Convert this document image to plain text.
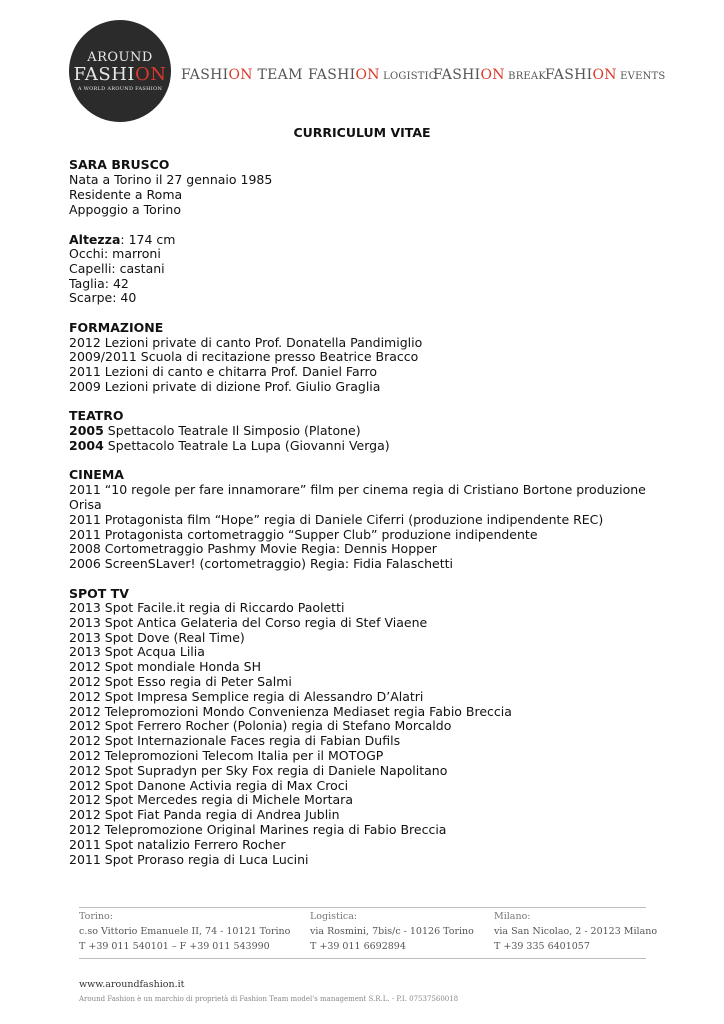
AROUND
FASHION
A WORLD AROUND FASHION
FASHION TEAM FASHION LOGISTIC
FASHION BREAK
FASHION EVENTS
CURRICULUM VITAE
SARA BRUSCO
Nata a Torino il 27 gennaio 1985
Residente a Roma
Appoggio a Torino
Altezza: 174 cm
Occhi: marroni
Capelli: castani
Taglia: 42
Scarpe: 40
FORMAZIONE
2012 Lezioni private di canto Prof. Donatella Pandimiglio
2009/2011 Scuola di recitazione presso Beatrice Bracco
2011 Lezioni di canto e chitarra Prof. Daniel Farro
2009 Lezioni private di dizione Prof. Giulio Graglia
TEATRO
2005 Spettacolo Teatrale Il Simposio (Platone)
2004 Spettacolo Teatrale La Lupa (Giovanni Verga)
CINEMA
2011 “10 regole per fare innamorare” film per cinema regia di Cristiano Bortone produzione
Orisa
2011 Protagonista film “Hope” regia di Daniele Ciferri (produzione indipendente REC)
2011 Protagonista cortometraggio “Supper Club” produzione indipendente
2008 Cortometraggio Pashmy Movie Regia: Dennis Hopper
2006 ScreenSLaver! (cortometraggio) Regia: Fidia Falaschetti
SPOT TV
2013 Spot Facile.it regia di Riccardo Paoletti
2013 Spot Antica Gelateria del Corso regia di Stef Viaene
2013 Spot Dove (Real Time)
2013 Spot Acqua Lilia
2012 Spot mondiale Honda SH
2012 Spot Esso regia di Peter Salmi
2012 Spot Impresa Semplice regia di Alessandro D’Alatri
2012 Telepromozioni Mondo Convenienza Mediaset regia Fabio Breccia
2012 Spot Ferrero Rocher (Polonia) regia di Stefano Morcaldo
2012 Spot Internazionale Faces regia di Fabian Dufils
2012 Telepromozioni Telecom Italia per il MOTOGP
2012 Spot Supradyn per Sky Fox regia di Daniele Napolitano
2012 Spot Danone Activia regia di Max Croci
2012 Spot Mercedes regia di Michele Mortara
2012 Spot Fiat Panda regia di Andrea Jublin
2012 Telepromozione Original Marines regia di Fabio Breccia
2011 Spot natalizio Ferrero Rocher
2011 Spot Proraso regia di Luca Lucini
Torino:
c.so Vittorio Emanuele II, 74 - 10121 Torino
T +39 011 540101 – F +39 011 543990
Logistica:
via Rosmini, 7bis/c - 10126 Torino
T +39 011 6692894
Milano:
via San Nicolao, 2 - 20123 Milano
T +39 335 6401057
www.aroundfashion.it
Around Fashion è un marchio di proprietà di Fashion Team model's management S.R.L. - P.I. 07537560018
